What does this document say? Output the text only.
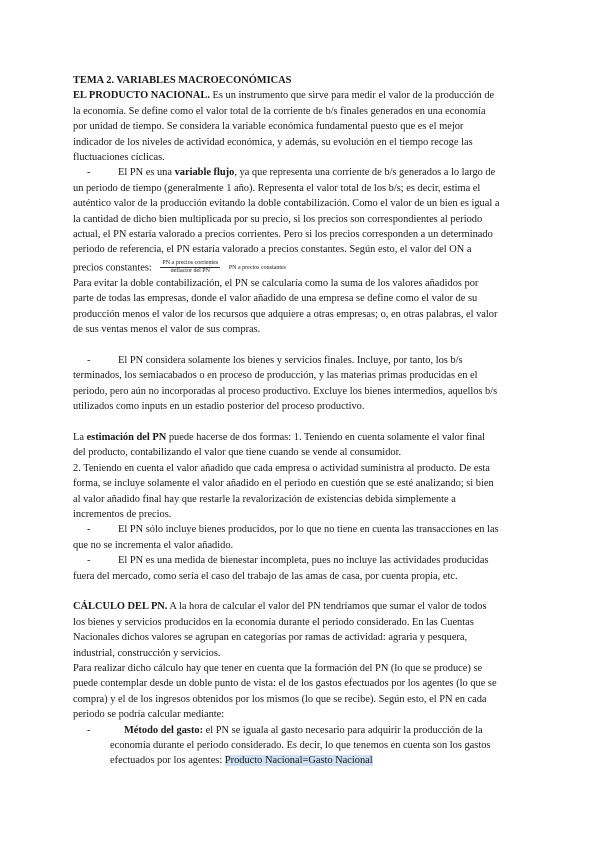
TEMA 2. VARIABLES MACROECONÓMICAS
EL PRODUCTO NACIONAL. Es un instrumento que sirve para medir el valor de la producción de
la economía. Se define como el valor total de la corriente de b/s finales generados en una economía
por unidad de tiempo. Se considera la variable económica fundamental puesto que es el mejor
indicador de los niveles de actividad económica, y además, su evolución en el tiempo recoge las
fluctuaciones cíclicas.
-	El PN es una variable flujo, ya que representa una corriente de b/s generados a lo largo de
un periodo de tiempo (generalmente 1 año). Representa el valor total de los b/s; es decir, estima el
auténtico valor de la producción evitando la doble contabilización. Como el valor de un bien es igual a
la cantidad de dicho bien multiplicada por su precio, si los precios son correspondientes al periodo
actual, el PN estaría valorado a precios corrientes. Pero si los precios corresponden a un determinado
periodo de referencia, el PN estaría valorado a precios constantes. Según esto, el valor del ON a
precios constantes: $\frac{\text{PN a precios corrientes}}{\text{deflactor del PN}}$ PN a precios constantes
Para evitar la doble contabilización, el PN se calcularía como la suma de los valores añadidos por
parte de todas las empresas, donde el valor añadido de una empresa se define como el valor de su
producción menos el valor de los recursos que adquiere a otras empresas; o, en otras palabras, el valor
de sus ventas menos el valor de sus compras.
-	El PN considera solamente los bienes y servicios finales. Incluye, por tanto, los b/s
terminados, los semiacabados o en proceso de producción, y las materias primas producidas en el
periodo, pero aún no incorporadas al proceso productivo. Excluye los bienes intermedios, aquellos b/s
utilizados como inputs en un estadio posterior del proceso productivo.
La estimación del PN puede hacerse de dos formas: 1. Teniendo en cuenta solamente el valor final
del producto, contabilizando el valor que tiene cuando se vende al consumidor.
2. Teniendo en cuenta el valor añadido que cada empresa o actividad suministra al producto. De esta
forma, se incluye solamente el valor añadido en el periodo en cuestión que se esté analizando; si bien
al valor añadido final hay que restarle la revalorización de existencias debida simplemente a
incrementos de precios.
-	El PN sólo incluye bienes producidos, por lo que no tiene en cuenta las transacciones en las
que no se incrementa el valor añadido.
-	El PN es una medida de bienestar incompleta, pues no incluye las actividades producidas
fuera del mercado, como sería el caso del trabajo de las amas de casa, por cuenta propia, etc.
CÁLCULO DEL PN. A la hora de calcular el valor del PN tendríamos que sumar el valor de todos
los bienes y servicios producidos en la economía durante el periodo considerado. En las Cuentas
Nacionales dichos valores se agrupan en categorías por ramas de actividad: agraria y pesquera,
industrial, construcción y servicios.
Para realizar dicho cálculo hay que tener en cuenta que la formación del PN (lo que se produce) se
puede contemplar desde un doble punto de vista: el de los gastos efectuados por los agentes (lo que se
compra) y el de los ingresos obtenidos por los mismos (lo que se recibe). Según esto, el PN en cada
periodo se podría calcular mediante:
-	Método del gasto: el PN se iguala al gasto necesario para adquirir la producción de la
economía durante el periodo considerado. Es decir, lo que tenemos en cuenta son los gastos
efectuados por los agentes: Producto Nacional=Gasto Nacional
